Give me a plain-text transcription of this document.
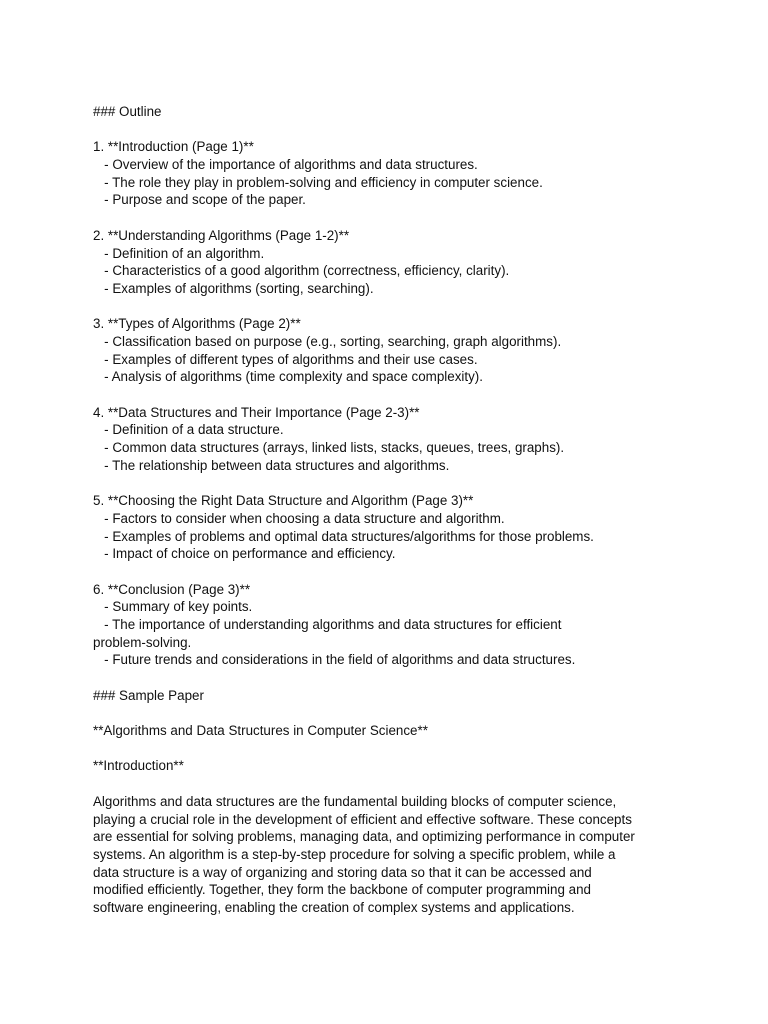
### Outline
1. **Introduction (Page 1)**
- Overview of the importance of algorithms and data structures.
- The role they play in problem-solving and efficiency in computer science.
- Purpose and scope of the paper.
2. **Understanding Algorithms (Page 1-2)**
- Definition of an algorithm.
- Characteristics of a good algorithm (correctness, efficiency, clarity).
- Examples of algorithms (sorting, searching).
3. **Types of Algorithms (Page 2)**
- Classification based on purpose (e.g., sorting, searching, graph algorithms).
- Examples of different types of algorithms and their use cases.
- Analysis of algorithms (time complexity and space complexity).
4. **Data Structures and Their Importance (Page 2-3)**
- Definition of a data structure.
- Common data structures (arrays, linked lists, stacks, queues, trees, graphs).
- The relationship between data structures and algorithms.
5. **Choosing the Right Data Structure and Algorithm (Page 3)**
- Factors to consider when choosing a data structure and algorithm.
- Examples of problems and optimal data structures/algorithms for those problems.
- Impact of choice on performance and efficiency.
6. **Conclusion (Page 3)**
- Summary of key points.
- The importance of understanding algorithms and data structures for efficient
problem-solving.
- Future trends and considerations in the field of algorithms and data structures.
### Sample Paper
**Algorithms and Data Structures in Computer Science**
**Introduction**
Algorithms and data structures are the fundamental building blocks of computer science,
playing a crucial role in the development of efficient and effective software. These concepts
are essential for solving problems, managing data, and optimizing performance in computer
systems. An algorithm is a step-by-step procedure for solving a specific problem, while a
data structure is a way of organizing and storing data so that it can be accessed and
modified efficiently. Together, they form the backbone of computer programming and
software engineering, enabling the creation of complex systems and applications.
